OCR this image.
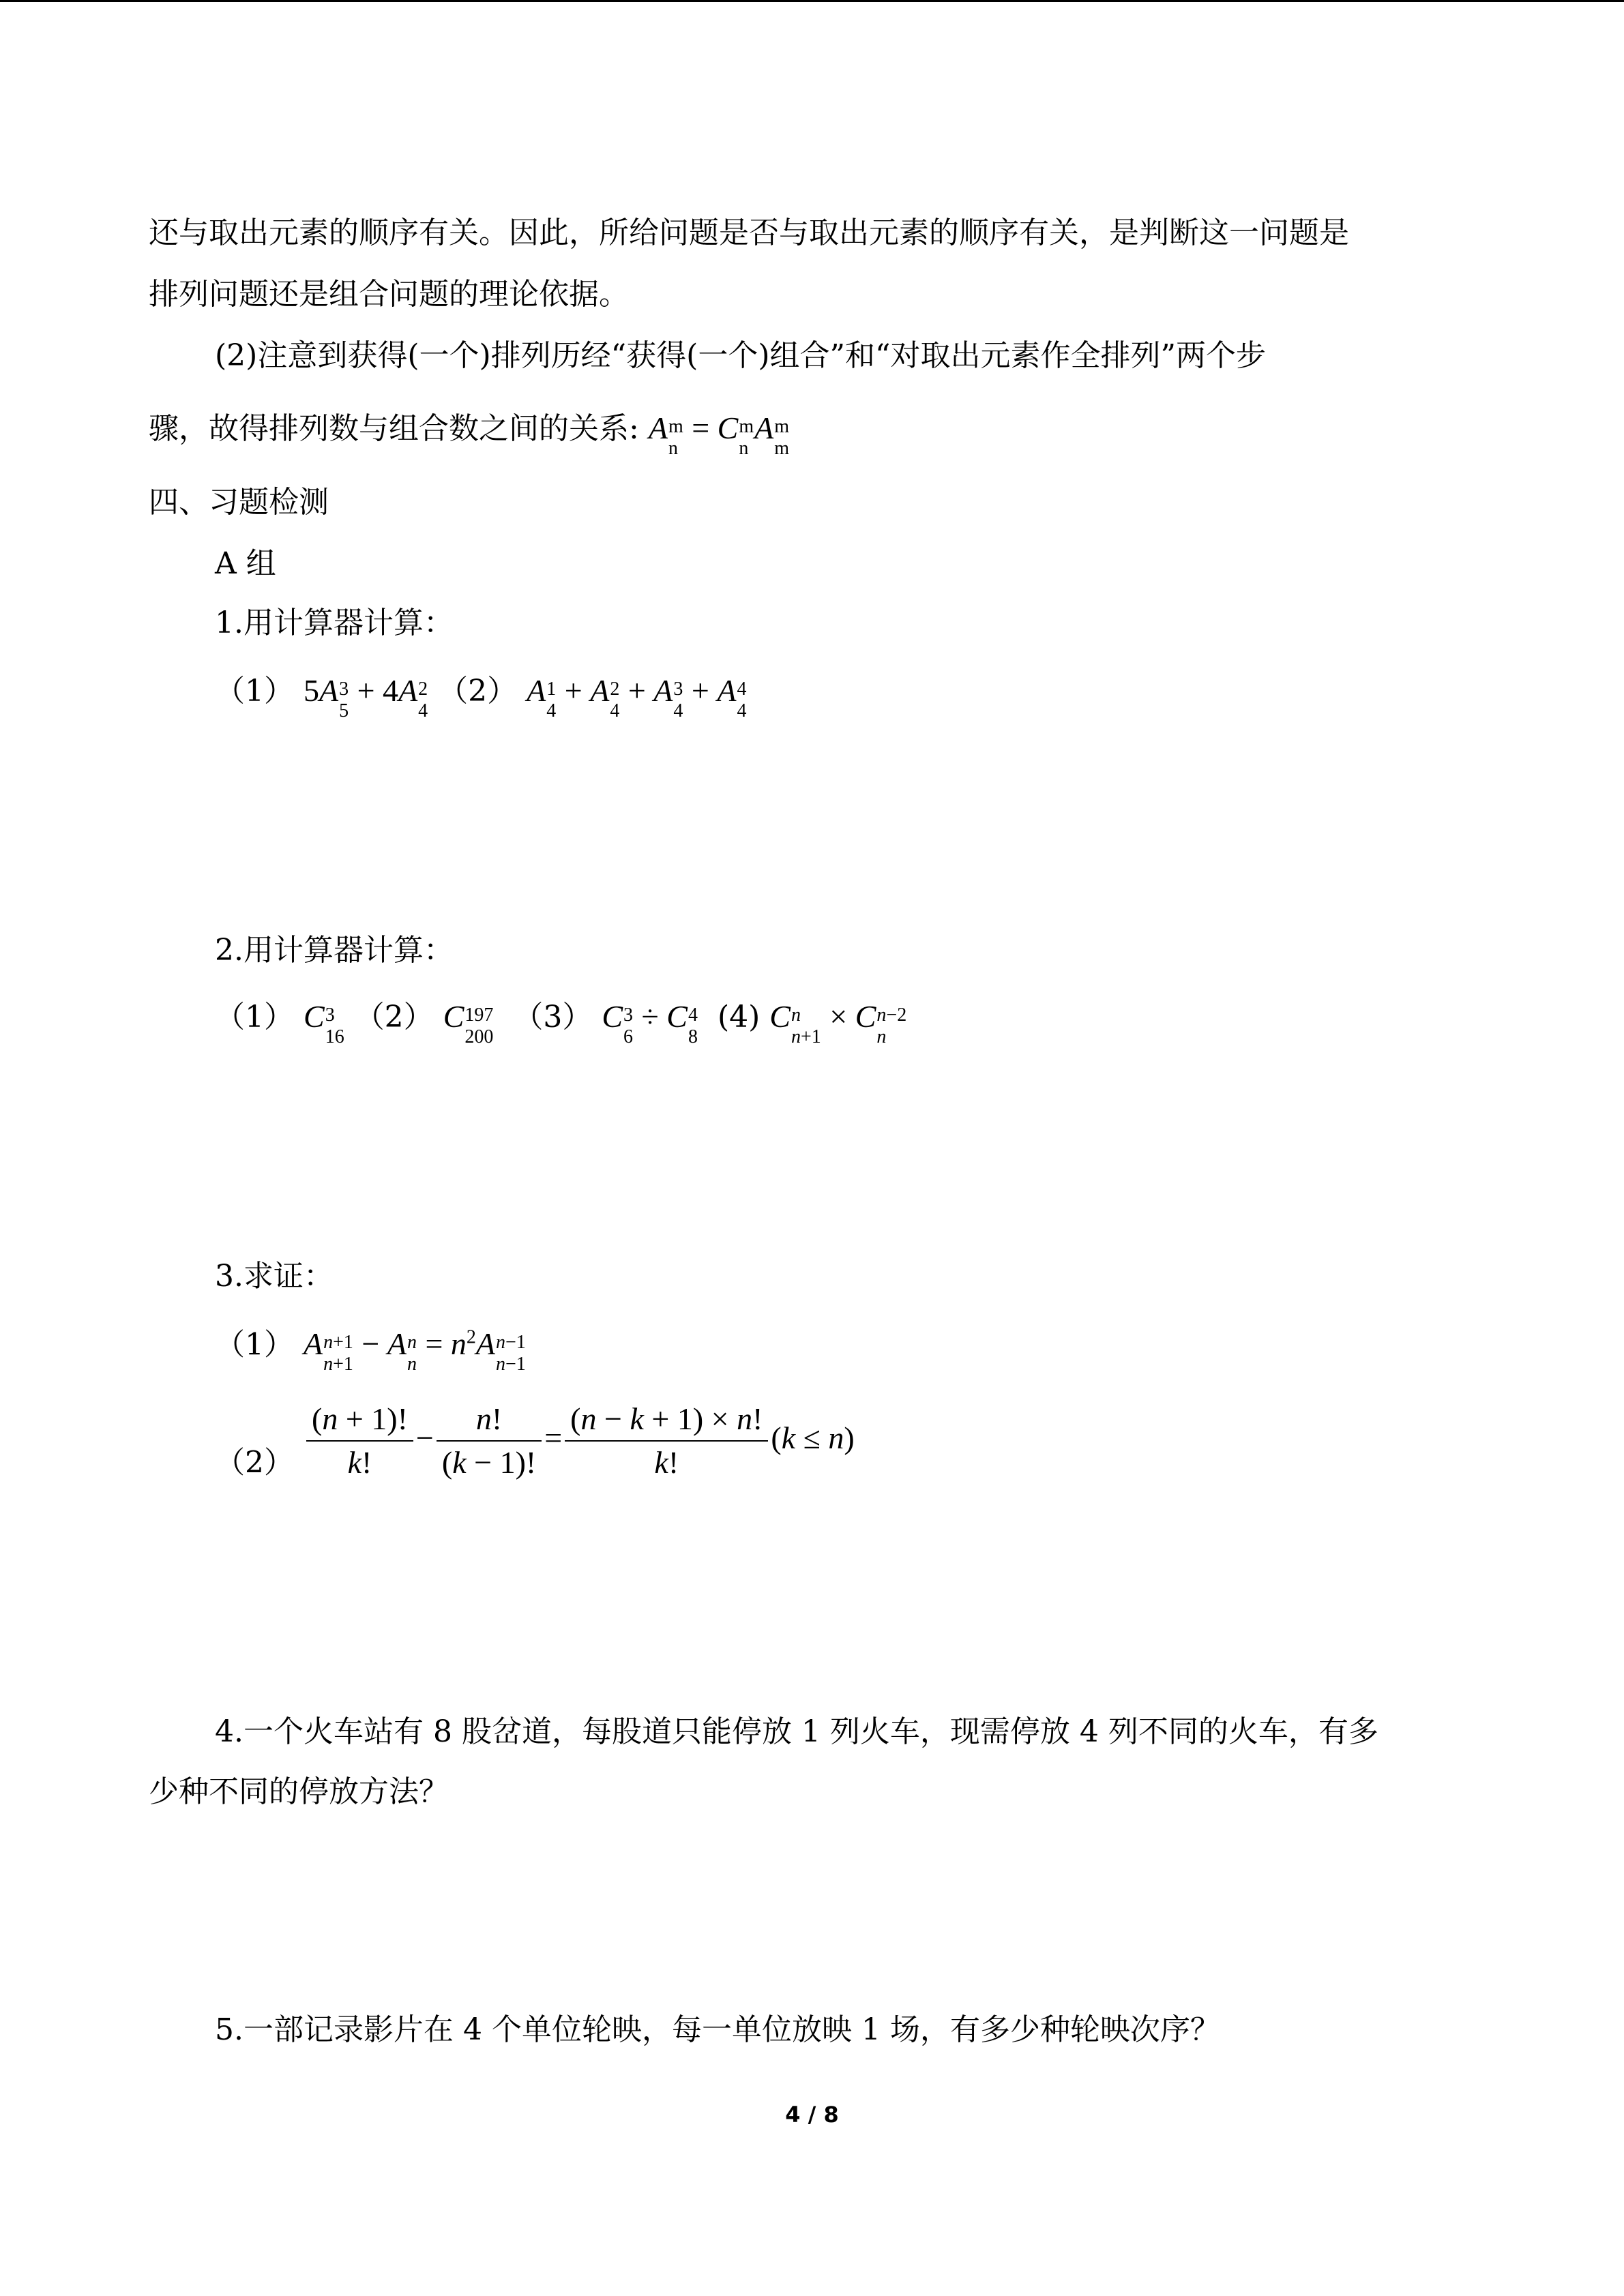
还与取出元素的顺序有关。因此，所给问题是否与取出元素的顺序有关，是判断这一问题是
排列问题还是组合问题的理论依据。
(2)注意到获得(一个)排列历经“获得(一个)组合”和“对取出元素作全排列”两个步
骤，故得排列数与组合数之间的关系: A m
n
= C m
n
A m
m
四、习题检测
A 组
1.用计算器计算：
（1） 5A 3
5
+ 4A 2
4
（2） A 1
4
+ A 2
4
+ A 3
4
+ A 4
4
2.用计算器计算：
（1） C 3
16
（2） C 197
200
（3） C 3
6
÷ C 4
8
(4) C n
n+1
× C n−2
n
3.求证：
（1） A n+1
n+1
− A n
n
= $n^2A$ n−1
n−1
$(2) \frac{(n + 1)!}{k!} - \frac{n!}{(k - 1)!} = \frac{(n - k + 1) \times n!}{k!} (k \le n)$
4.一个火车站有 8 股岔道，每股道只能停放 1 列火车，现需停放 4 列不同的火车，有多
少种不同的停放方法？
5.一部记录影片在 4 个单位轮映，每一单位放映 1 场，有多少种轮映次序？
4 / 8
